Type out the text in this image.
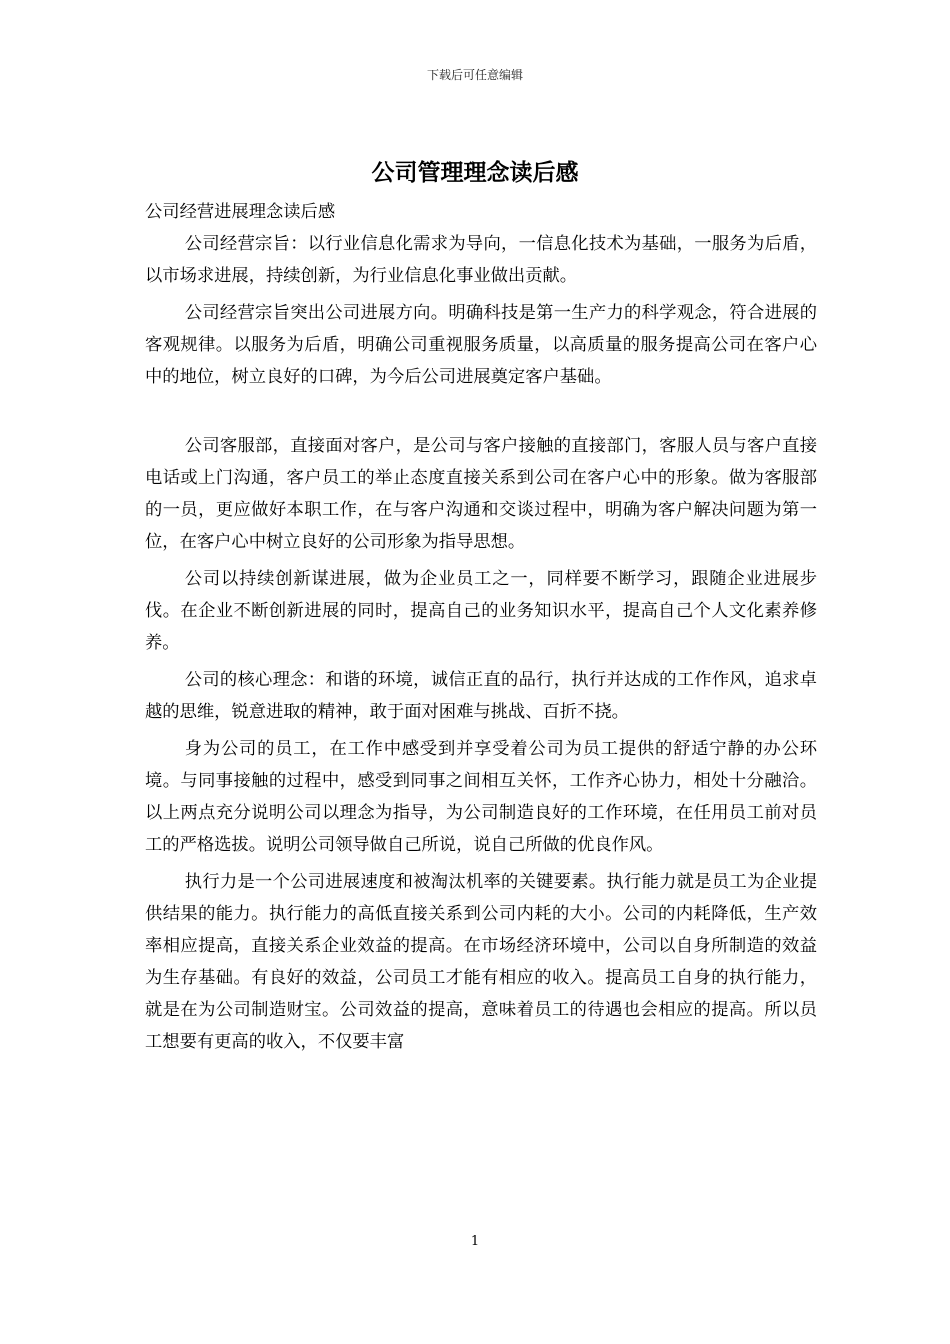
下载后可任意编辑
公司管理理念读后感

公司经营进展理念读后感

公司经营宗旨：以行业信息化需求为导向，一信息化技术为基础，一服务为后盾，以市场求进展，持续创新，为行业信息化事业做出贡献。

公司经营宗旨突出公司进展方向。明确科技是第一生产力的科学观念，符合进展的客观规律。以服务为后盾，明确公司重视服务质量，以高质量的服务提高公司在客户心中的地位，树立良好的口碑，为今后公司进展奠定客户基础。

公司客服部，直接面对客户，是公司与客户接触的直接部门，客服人员与客户直接电话或上门沟通，客户员工的举止态度直接关系到公司在客户心中的形象。做为客服部的一员，更应做好本职工作，在与客户沟通和交谈过程中，明确为客户解决问题为第一位，在客户心中树立良好的公司形象为指导思想。

公司以持续创新谋进展，做为企业员工之一，同样要不断学习，跟随企业进展步伐。在企业不断创新进展的同时，提高自己的业务知识水平，提高自己个人文化素养修养。

公司的核心理念：和谐的环境，诚信正直的品行，执行并达成的工作作风，追求卓越的思维，锐意进取的精神，敢于面对困难与挑战、百折不挠。

身为公司的员工，在工作中感受到并享受着公司为员工提供的舒适宁静的办公环境。与同事接触的过程中，感受到同事之间相互关怀，工作齐心协力，相处十分融洽。以上两点充分说明公司以理念为指导，为公司制造良好的工作环境，在任用员工前对员工的严格选拔。说明公司领导做自己所说，说自己所做的优良作风。

执行力是一个公司进展速度和被淘汰机率的关键要素。执行能力就是员工为企业提供结果的能力。执行能力的高低直接关系到公司内耗的大小。公司的内耗降低，生产效率相应提高，直接关系企业效益的提高。在市场经济环境中，公司以自身所制造的效益为生存基础。有良好的效益，公司员工才能有相应的收入。提高员工自身的执行能力，就是在为公司制造财宝。公司效益的提高，意味着员工的待遇也会相应的提高。所以员工想要有更高的收入，不仅要丰富

1
